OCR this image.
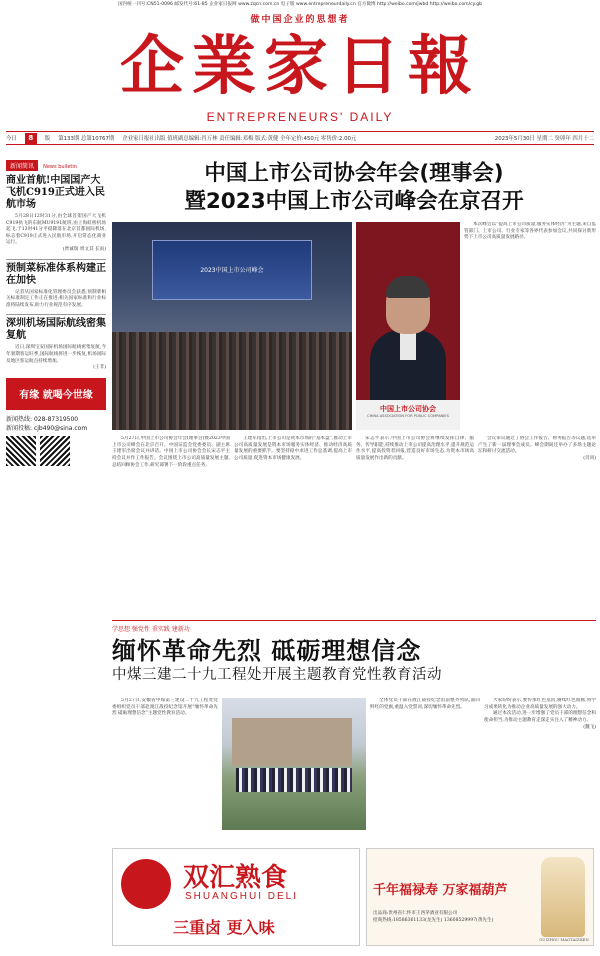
国内统一刊号:CN51-0096 邮发代号:61-85 企业家日报网 www.zqcn.com.cn 电子版 www.entrepreneurdaily.cn 官方微博 http://weibo.com/jwbd http://weibo.com/cy.gb
做中国企业的思想者
企業家日報
ENTREPRENEURS' DAILY
今日	8	版 第133期 总第10767期 企业家日报社出版 值班副总编辑:肖万林 责任编辑:邓梅 版式:黄健 全年定价:450元 零售价:2.00元	2023年5月30日 星期二 癸卯年 四月十二
新闻简讯 News bulletin
商业首航!中国国产大飞机C919正式进入民航市场

5月28日12时31分,由全球首架国产大飞机C919执飞的东航MU9191航班,由上海虹桥机场起飞,于13时41分平稳降落在北京首都国际机场,标志着C919正式进入民航市场,开启常态化商业运行。

(贾诚瑞 周文其 长雨)

预制菜标准体系构建正在加快

记者从国家标准化管理委员会获悉,预制菜相关标准制定工作正在推进,相关国家标准和行业标准将陆续发布,助力行业规范有序发展。

深圳机场国际航线密集复航

近日,深圳宝安国际机场国际航线密集复航,今年暑期客运旺季,国际航线将进一步恢复,机场国际及地区客运航点持续增加。

(王非)

有缘 就喝今世缘
新闻热线: 028-87319500
新闻投稿: cjb490@sina.com
中国上市公司协会年会(理事会)
暨2023中国上市公司峰会在京召开
2023中国上市公司峰会
中国上市公司协会
CHINA ASSOCIATION FOR PUBLIC COMPANIES

本次峰会以“提高上市公司质量,服务实体经济”为主题,来自监管部门、上市公司、行业专家等各界代表参加会议,共同探讨新形势下上市公司高质量发展路径。

5月27日,中国上市公司协会年会(理事会)暨2023中国上市公司峰会在北京召开。中国证监会党委委员、副主席王建军出席会议并讲话。中国上市公司协会会长宋志平主持会议并作工作报告。会议围绕上市公司高质量发展主题,总结回顾协会工作,研究部署下一阶段重点任务。

王建军指出,上市公司是资本市场的“基本盘”,推动上市公司高质量发展是资本市场服务实体经济、推动经济高质量发展的重要抓手。要坚持稳中求进工作总基调,提高上市公司质量,促进资本市场健康发展。

宋志平表示,中国上市公司协会将继续发挥自律、服务、传导职能,持续推动上市公司提高治理水平,提升规范运作水平,提高投资者回报,营造良好市场生态,为资本市场高质量发展作出新的贡献。

会议审议通过了协会工作报告、财务报告等议题,选举产生了新一届理事会成员。峰会期间还举办了多场主题论坛和研讨交流活动。

(肖同)

学思想 强党性 重实践 建新功
缅怀革命先烈 砥砺理想信念
中煤三建二十九工程处开展主题教育党性教育活动

5月27日,安徽省中煤第三建设二十九工程处党委组织党员干部赴渡江战役纪念馆开展“缅怀革命先烈 砥砺理想信念”主题党性教育活动。

全体党员干部在渡江战役纪念馆前整齐列队,面向鲜红的党旗,重温入党誓词,深切缅怀革命先烈。

大家纷纷表示,要传承红色基因,赓续红色血脉,将学习成果转化为推动企业高质量发展的强大动力。

通过本次活动,进一步增强了党员干部的理想信念和使命担当,为推动主题教育走深走实注入了精神动力。

(魏飞)

双汇熟食
SHUANGHUI DELI
三重卤 更入味
千年福禄寿 万家福葫芦
出品商:贵州省仁怀市王西茅酒业有限公司
招商热线:18586361133(龙先生) 13608529997(黄先生)
GUIZHOU MAOTAIZHEN
